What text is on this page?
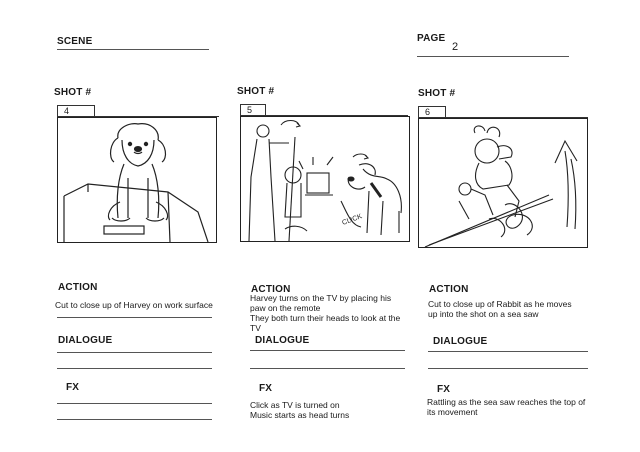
SCENE	PAGE
2
SHOT #
4
ACTION
Cut to close up of Harvey on work surface
DIALOGUE
FX
SHOT #
5
CLICK
ACTION
Harvey turns on the TV by placing his
paw on the remote
They both turn their heads to look at the
TV
DIALOGUE
FX
Click as TV is turned on
Music starts as head turns
SHOT #
6
ACTION
Cut to close up of Rabbit as he moves
up into the shot on a sea saw
DIALOGUE
FX
Rattling as the sea saw reaches the top of
its movement
